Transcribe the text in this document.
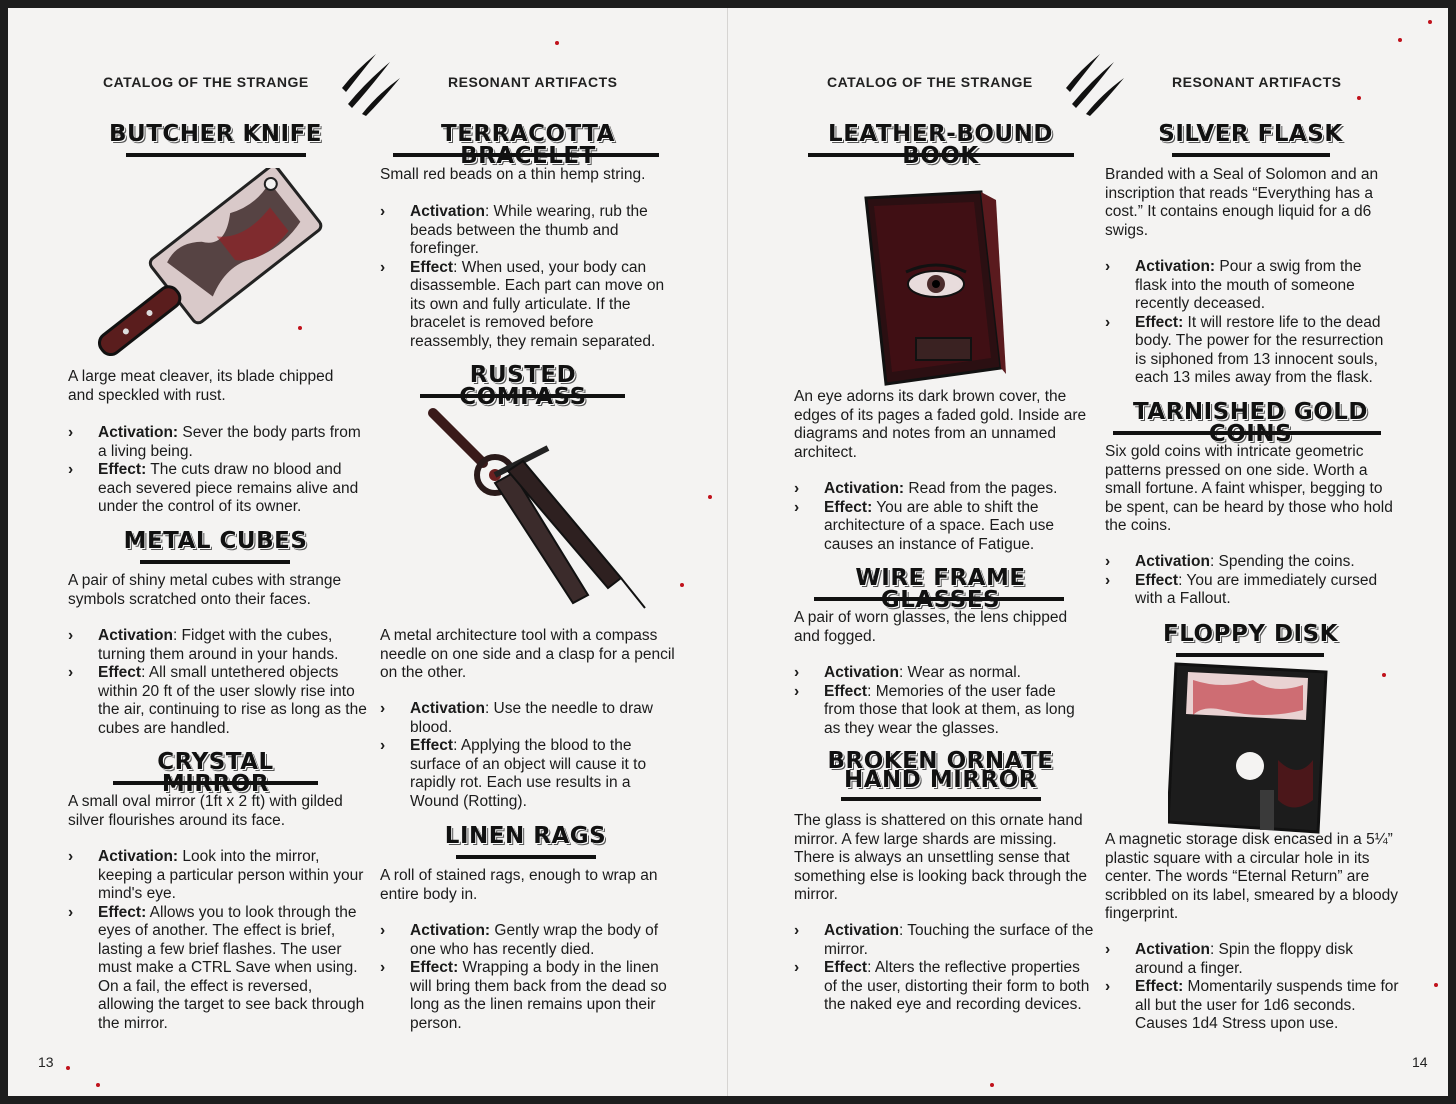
CATALOG OF THE STRANGE	RESONANT ARTIFACTS
BUTCHER KNIFE

A large meat cleaver, its blade chipped and speckled with rust.

› Activation: Sever the body parts from a living being.
› Effect: The cuts draw no blood and each severed piece remains alive and under the control of its owner.
METAL CUBES

A pair of shiny metal cubes with strange symbols scratched onto their faces.

› Activation: Fidget with the cubes, turning them around in your hands.
› Effect: All small untethered objects within 20 ft of the user slowly rise into the air, continuing to rise as long as the cubes are handled.
CRYSTAL

A small oval mirror (1ft x 2 ft) with gilded silver flourishes around its face.

› Activation: Look into the mirror, keeping a particular person within your mind's eye.
› Effect: Allows you to look through the eyes of another. The effect is brief, lasting a few brief flashes. The user must make a CTRL Save when using. On a fail, the effect is reversed, allowing the target to see back through the mirror.
TERRACOTTA

Small red beads on a thin hemp string.

› Activation: While wearing, rub the beads between the thumb and forefinger.
› Effect: When used, your body can disassemble. Each part can move on its own and fully articulate. If the bracelet is removed before reassembly, they remain separated.
RUSTED

A metal architecture tool with a compass needle on one side and a clasp for a pencil on the other.

› Activation: Use the needle to draw blood.
› Effect: Applying the blood to the surface of an object will cause it to rapidly rot. Each use results in a Wound (Rotting).
LINEN RAGS

A roll of stained rags, enough to wrap an entire body in.

› Activation: Gently wrap the body of one who has recently died.
› Effect: Wrapping a body in the linen will bring them back from the dead so long as the linen remains upon their person.
13
CATALOG OF THE STRANGE	RESONANT ARTIFACTS
LEATHER-BOUND

An eye adorns its dark brown cover, the edges of its pages a faded gold. Inside are diagrams and notes from an unnamed architect.

› Activation: Read from the pages.
› Effect: You are able to shift the architecture of a space. Each use causes an instance of Fatigue.
WIRE FRAME

A pair of worn glasses, the lens chipped and fogged.

› Activation: Wear as normal.
› Effect: Memories of the user fade from those that look at them, as long as they wear the glasses.
BROKEN ORNATE
HAND MIRROR

The glass is shattered on this ornate hand mirror. A few large shards are missing. There is always an unsettling sense that something else is looking back through the mirror.

› Activation: Touching the surface of the mirror.
› Effect: Alters the reflective properties of the user, distorting their form to both the naked eye and recording devices.
SILVER FLASK

Branded with a Seal of Solomon and an inscription that reads “Everything has a cost.” It contains enough liquid for a d6 swigs.

› Activation: Pour a swig from the flask into the mouth of someone recently deceased.
› Effect: It will restore life to the dead body. The power for the resurrection is siphoned from 13 innocent souls, each 13 miles away from the flask.
TARNISHED GOLD

Six gold coins with intricate geometric patterns pressed on one side. Worth a small fortune. A faint whisper, begging to be spent, can be heard by those who hold the coins.

› Activation: Spending the coins.
› Effect: You are immediately cursed with a Fallout.
FLOPPY DISK

A magnetic storage disk encased in a 5¼” plastic square with a circular hole in its center. The words “Eternal Return” are scribbled on its label, smeared by a bloody fingerprint.

› Activation: Spin the floppy disk around a finger.
› Effect: Momentarily suspends time for all but the user for 1d6 seconds. Causes 1d4 Stress upon use.
14
